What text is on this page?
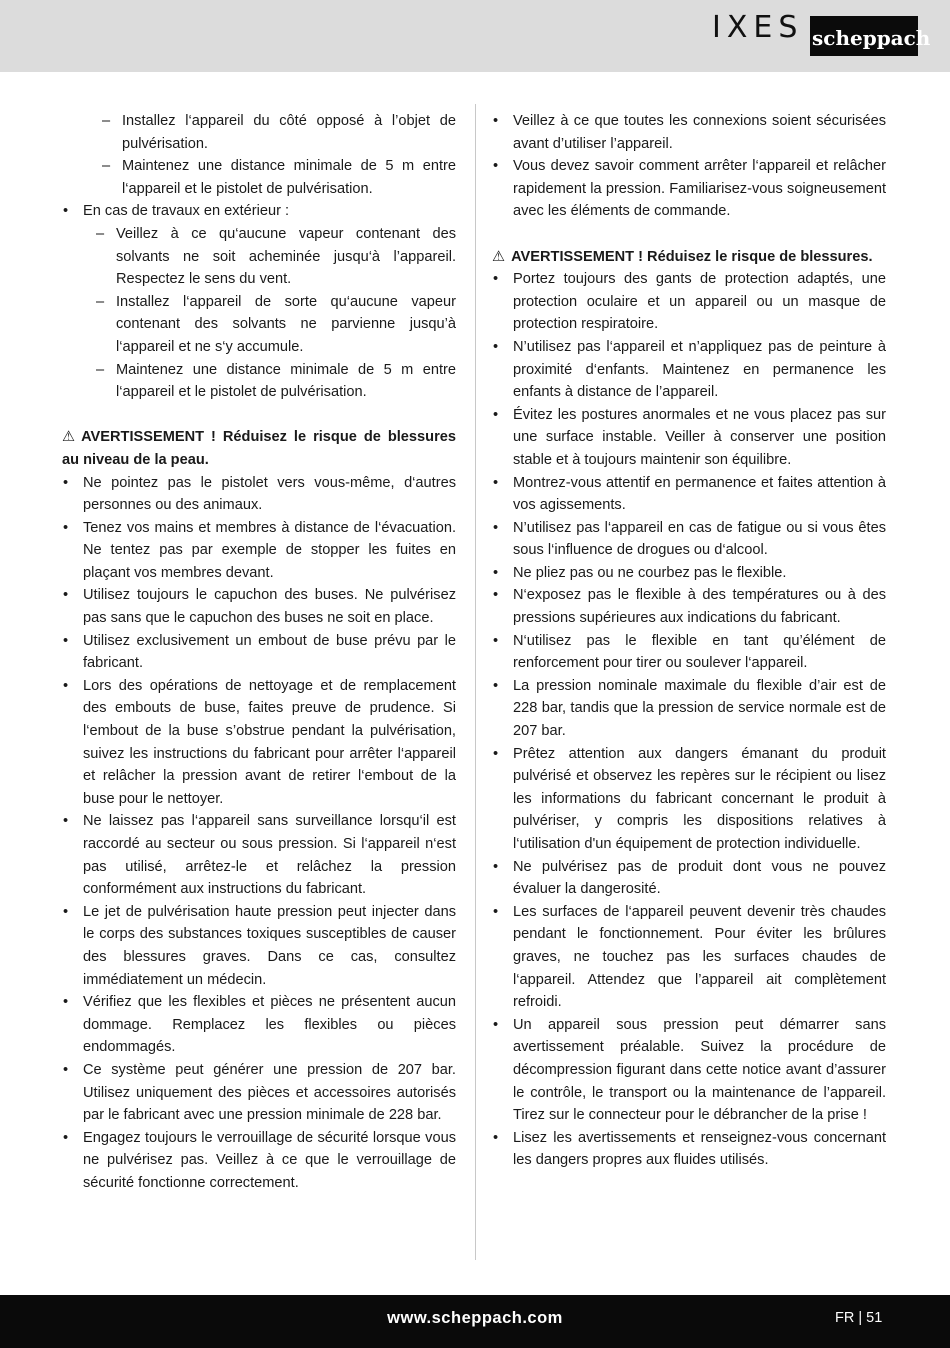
IXES scheppach
– Installez l‘appareil du côté opposé à l’objet de pulvérisation.
– Maintenez une distance minimale de 5 m entre l‘appareil et le pistolet de pulvérisation.
• En cas de travaux en extérieur :
– Veillez à ce qu‘aucune vapeur contenant des solvants ne soit acheminée jusqu‘à l’appareil. Respectez le sens du vent.
– Installez l‘appareil de sorte qu‘aucune vapeur contenant des solvants ne parvienne jusqu’à l‘appareil et ne s‘y accumule.
– Maintenez une distance minimale de 5 m entre l‘appareil et le pistolet de pulvérisation.
⚠ AVERTISSEMENT ! Réduisez le risque de blessures au niveau de la peau.
• Ne pointez pas le pistolet vers vous-même, d‘autres personnes ou des animaux.
• Tenez vos mains et membres à distance de l‘évacuation. Ne tentez pas par exemple de stopper les fuites en plaçant vos membres devant.
• Utilisez toujours le capuchon des buses. Ne pulvérisez pas sans que le capuchon des buses ne soit en place.
• Utilisez exclusivement un embout de buse prévu par le fabricant.
• Lors des opérations de nettoyage et de remplacement des embouts de buse, faites preuve de prudence. Si l‘embout de la buse s’obstrue pendant la pulvérisation, suivez les instructions du fabricant pour arrêter l‘appareil et relâcher la pression avant de retirer l‘embout de la buse pour le nettoyer.
• Ne laissez pas l‘appareil sans surveillance lorsqu‘il est raccordé au secteur ou sous pression. Si l‘appareil n‘est pas utilisé, arrêtez-le et relâchez la pression conformément aux instructions du fabricant.
• Le jet de pulvérisation haute pression peut injecter dans le corps des substances toxiques susceptibles de causer des blessures graves. Dans ce cas, consultez immédiatement un médecin.
• Vérifiez que les flexibles et pièces ne présentent aucun dommage. Remplacez les flexibles ou pièces endommagés.
• Ce système peut générer une pression de 207 bar. Utilisez uniquement des pièces et accessoires autorisés par le fabricant avec une pression minimale de 228 bar.
• Engagez toujours le verrouillage de sécurité lorsque vous ne pulvérisez pas. Veillez à ce que le verrouillage de sécurité fonctionne correctement.
• Veillez à ce que toutes les connexions soient sécurisées avant d’utiliser l’appareil.
• Vous devez savoir comment arrêter l‘appareil et relâcher rapidement la pression. Familiarisez-vous soigneusement avec les éléments de commande.
⚠ AVERTISSEMENT ! Réduisez le risque de blessures.
• Portez toujours des gants de protection adaptés, une protection oculaire et un appareil ou un masque de protection respiratoire.
• N’utilisez pas l‘appareil et n’appliquez pas de peinture à proximité d‘enfants. Maintenez en permanence les enfants à distance de l’appareil.
• Évitez les postures anormales et ne vous placez pas sur une surface instable. Veiller à conserver une position stable et à toujours maintenir son équilibre.
• Montrez-vous attentif en permanence et faites attention à vos agissements.
• N’utilisez pas l‘appareil en cas de fatigue ou si vous êtes sous l‘influence de drogues ou d‘alcool.
• Ne pliez pas ou ne courbez pas le flexible.
• N‘exposez pas le flexible à des températures ou à des pressions supérieures aux indications du fabricant.
• N‘utilisez pas le flexible en tant qu’élément de renforcement pour tirer ou soulever l‘appareil.
• La pression nominale maximale du flexible d’air est de 228 bar, tandis que la pression de service normale est de 207 bar.
• Prêtez attention aux dangers émanant du produit pulvérisé et observez les repères sur le récipient ou lisez les informations du fabricant concernant le produit à pulvériser, y compris les dispositions relatives à l‘utilisation d'un équipement de protection individuelle.
• Ne pulvérisez pas de produit dont vous ne pouvez évaluer la dangerosité.
• Les surfaces de l‘appareil peuvent devenir très chaudes pendant le fonctionnement. Pour éviter les brûlures graves, ne touchez pas les surfaces chaudes de l‘appareil. Attendez que l’appareil ait complètement refroidi.
• Un appareil sous pression peut démarrer sans avertissement préalable. Suivez la procédure de décompression figurant dans cette notice avant d’assurer le contrôle, le transport ou la maintenance de l’appareil. Tirez sur le connecteur pour le débrancher de la prise !
• Lisez les avertissements et renseignez-vous concernant les dangers propres aux fluides utilisés.
www.scheppach.com	FR | 51
